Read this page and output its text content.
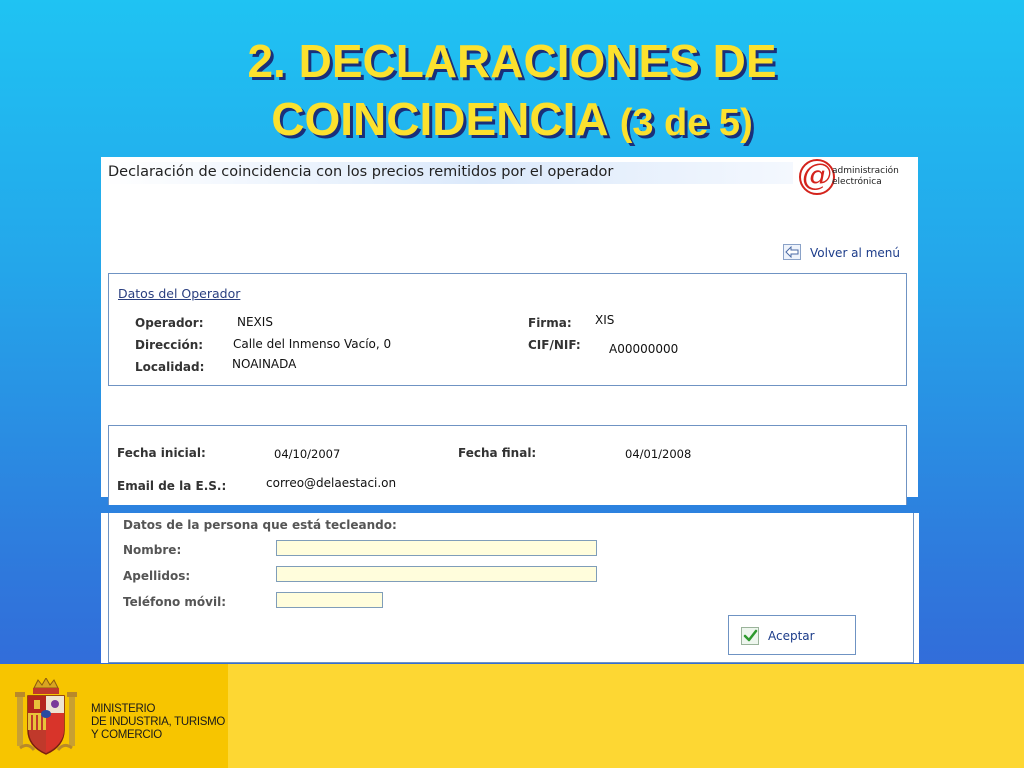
2. DECLARACIONES DE
COINCIDENCIA (3 de 5)
Declaración de coincidencia con los precios remitidos por el operador	@ administración
electrónica
Volver al menú
Datos del Operador
Operador:	NEXIS	Firma: XIS
Dirección: Calle del Inmenso Vacío, 0	CIF/NIF: A00000000
Localidad: NOAINADA
Fecha inicial:	04/10/2007	Fecha final:	04/01/2008
Email de la E.S.:	correo@delaestaci.on
Datos de la persona que está tecleando:
Nombre:
Apellidos:
Teléfono móvil:
Aceptar
MINISTERIO
DE INDUSTRIA, TURISMO
Y COMERCIO
